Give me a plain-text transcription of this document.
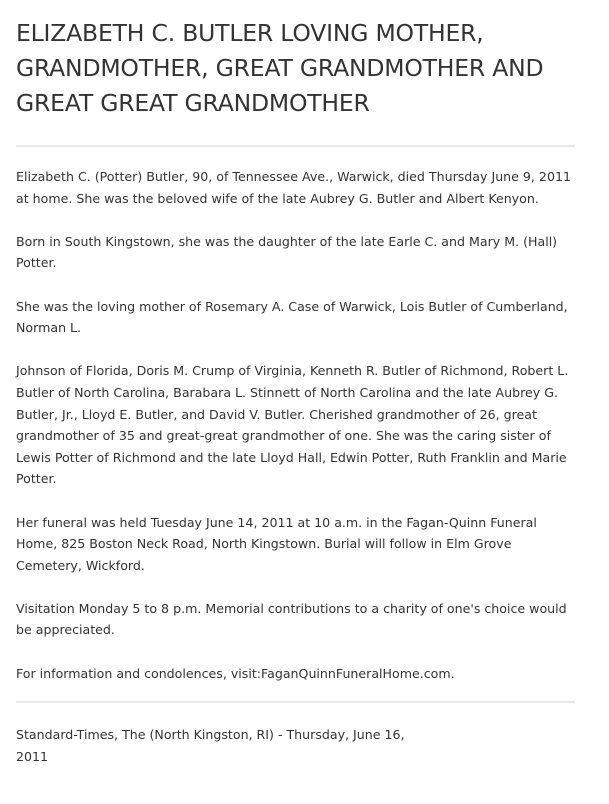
ELIZABETH C. BUTLER LOVING MOTHER,
GRANDMOTHER, GREAT GRANDMOTHER AND
GREAT GREAT GRANDMOTHER

Elizabeth C. (Potter) Butler, 90, of Tennessee Ave., Warwick, died Thursday June 9, 2011 at home. She was the beloved wife of the late Aubrey G. Butler and Albert Kenyon.

Born in South Kingstown, she was the daughter of the late Earle C. and Mary M. (Hall) Potter.

She was the loving mother of Rosemary A. Case of Warwick, Lois Butler of Cumberland, Norman L.

Johnson of Florida, Doris M. Crump of Virginia, Kenneth R. Butler of Richmond, Robert L. Butler of North Carolina, Barabara L. Stinnett of North Carolina and the late Aubrey G. Butler, Jr., Lloyd E. Butler, and David V. Butler. Cherished grandmother of 26, great grandmother of 35 and great-great grandmother of one. She was the caring sister of Lewis Potter of Richmond and the late Lloyd Hall, Edwin Potter, Ruth Franklin and Marie Potter.

Her funeral was held Tuesday June 14, 2011 at 10 a.m. in the Fagan-Quinn Funeral Home, 825 Boston Neck Road, North Kingstown. Burial will follow in Elm Grove Cemetery, Wickford.

Visitation Monday 5 to 8 p.m. Memorial contributions to a charity of one's choice would be appreciated.

For information and condolences, visit:FaganQuinnFuneralHome.com.

Standard-Times, The (North Kingston, RI) - Thursday, June 16, 2011
